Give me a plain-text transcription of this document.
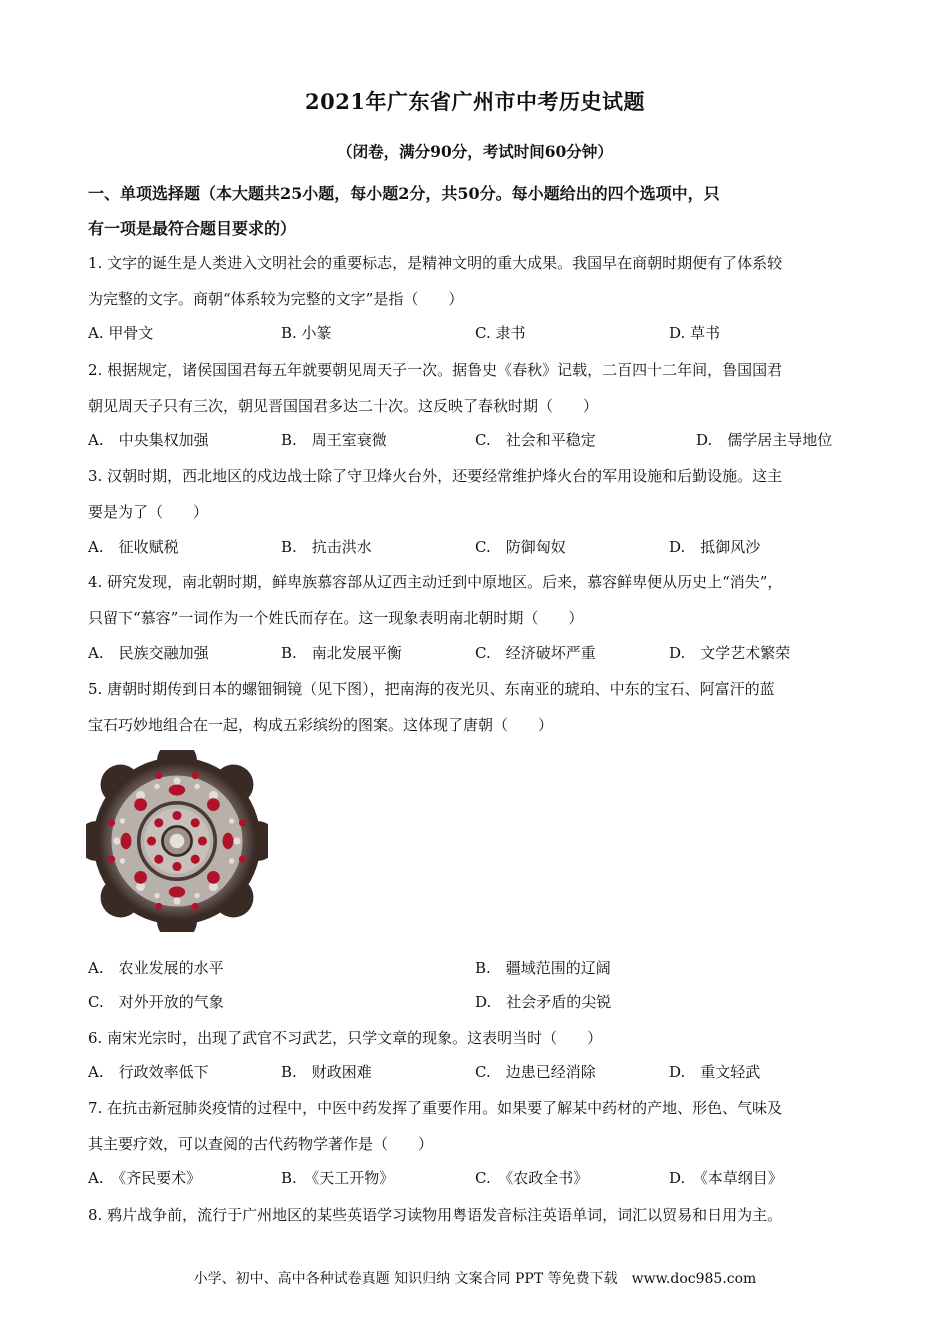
2021年广东省广州市中考历史试题
（闭卷，满分90分，考试时间60分钟）
一、单项选择题（本大题共25小题，每小题2分，共50分。每小题给出的四个选项中，只
有一项是最符合题目要求的）
1. 文字的诞生是人类进入文明社会的重要标志，是精神文明的重大成果。我国早在商朝时期便有了体系较
为完整的文字。商朝“体系较为完整的文字”是指（　　）
A. 甲骨文	B. 小篆	C. 隶书	D. 草书
2. 根据规定，诸侯国国君每五年就要朝见周天子一次。据鲁史《春秋》记载，二百四十二年间，鲁国国君
朝见周天子只有三次，朝见晋国国君多达二十次。这反映了春秋时期（　　）
A.　中央集权加强	B.　周王室衰微	C.　社会和平稳定	D.　儒学居主导地位
3. 汉朝时期，西北地区的戍边战士除了守卫烽火台外，还要经常维护烽火台的军用设施和后勤设施。这主
要是为了（　　）
A.　征收赋税	B.　抗击洪水	C.　防御匈奴	D.　抵御风沙
4. 研究发现，南北朝时期，鲜卑族慕容部从辽西主动迁到中原地区。后来，慕容鲜卑便从历史上“消失”，
只留下“慕容”一词作为一个姓氏而存在。这一现象表明南北朝时期（　　）
A.　民族交融加强	B.　南北发展平衡	C.　经济破坏严重	D.　文学艺术繁荣
5. 唐朝时期传到日本的螺钿铜镜（见下图），把南海的夜光贝、东南亚的琥珀、中东的宝石、阿富汗的蓝
宝石巧妙地组合在一起，构成五彩缤纷的图案。这体现了唐朝（　　）
A.　农业发展的水平	B.　疆域范围的辽阔
C.　对外开放的气象	D.　社会矛盾的尖锐
6. 南宋光宗时，出现了武官不习武艺，只学文章的现象。这表明当时（　　）
A.　行政效率低下	B.　财政困难	C.　边患已经消除	D.　重文轻武
7. 在抗击新冠肺炎疫情的过程中，中医中药发挥了重要作用。如果要了解某中药材的产地、形色、气味及
其主要疗效，可以查阅的古代药物学著作是（　　）
A.　《齐民要术》	B.　《天工开物》	C.　《农政全书》	D.　《本草纲目》
8. 鸦片战争前，流行于广州地区的某些英语学习读物用粤语发音标注英语单词，词汇以贸易和日用为主。
小学、初中、高中各种试卷真题 知识归纳 文案合同 PPT 等免费下载　www.doc985.com
